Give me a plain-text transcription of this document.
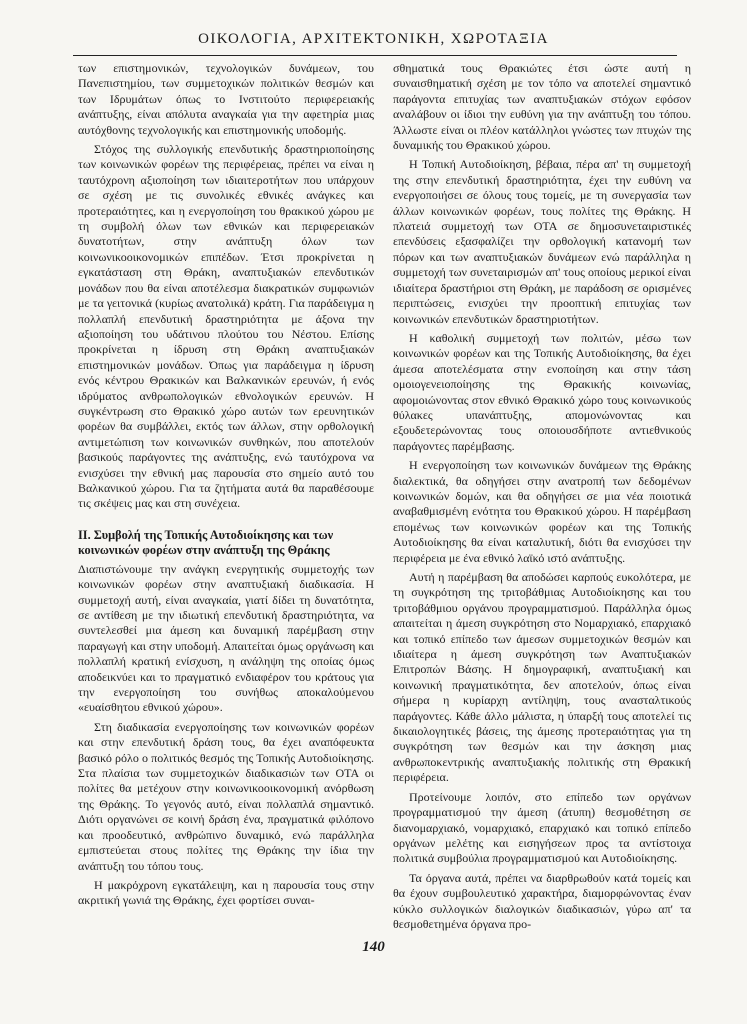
ΟΙΚΟΛΟΓΙΑ, ΑΡΧΙΤΕΚΤΟΝΙΚΗ, ΧΩΡΟΤΑΞΙΑ

των επιστημονικών, τεχνολογικών δυνάμεων, του Πανεπιστημίου, των συμμετοχικών πολιτικών θεσμών και των Ιδρυμάτων όπως το Ινστιτούτο περιφερειακής ανάπτυξης, είναι απόλυτα αναγκαία για την αφετηρία μιας αυτόχθονης τεχνολογικής και επιστημονικής υποδομής.

Στόχος της συλλογικής επενδυτικής δραστηριοποίησης των κοινωνικών φορέων της περιφέρειας, πρέπει να είναι η ταυτόχρονη αξιοποίηση των ιδιαιτεροτήτων που υπάρχουν σε σχέση με τις συνολικές εθνικές ανάγκες και προτεραιότητες, και η ενεργοποίηση του θρακικού χώρου με τη συμβολή όλων των εθνικών και περιφερειακών δυνατοτήτων, στην ανάπτυξη όλων των κοινωνικοοικονομικών επιπέδων. Έτσι προκρίνεται η εγκατάσταση στη Θράκη, αναπτυξιακών επενδυτικών μονάδων που θα είναι αποτέλεσμα διακρατικών συμφωνιών με τα γειτονικά (κυρίως ανατολικά) κράτη. Για παράδειγμα η πολλαπλή επενδυτική δραστηριότητα με άξονα την αξιοποίηση του υδάτινου πλούτου του Νέστου. Επίσης προκρίνεται η ίδρυση στη Θράκη αναπτυξιακών επιστημονικών μονάδων. Όπως για παράδειγμα η ίδρυση ενός κέντρου Θρακικών και Βαλκανικών ερευνών, ή ενός ιδρύματος ανθρωπολογικών εθνολογικών ερευνών. Η συγκέντρωση στο Θρακικό χώρο αυτών των ερευνητικών φορέων θα συμβάλλει, εκτός των άλλων, στην ορθολογική αντιμετώπιση των κοινωνικών συνθηκών, που αποτελούν βασικούς παράγοντες της ανάπτυξης, ενώ ταυτόχρονα να ενισχύσει την εθνική μας παρουσία στο σημείο αυτό του Βαλκανικού χώρου. Για τα ζητήματα αυτά θα παραθέσουμε τις σκέψεις μας και στη συνέχεια.

ΙΙ. Συμβολή της Τοπικής Αυτοδιοίκησης και των κοινωνικών φορέων στην ανάπτυξη της Θράκης

Διαπιστώνουμε την ανάγκη ενεργητικής συμμετοχής των κοινωνικών φορέων στην αναπτυξιακή διαδικασία. Η συμμετοχή αυτή, είναι αναγκαία, γιατί δίδει τη δυνατότητα, σε αντίθεση με την ιδιωτική επενδυτική δραστηριότητα, να συντελεσθεί μια άμεση και δυναμική παρέμβαση στην παραγωγή και στην υποδομή. Απαιτείται όμως οργάνωση και πολλαπλή κρατική ενίσχυση, η ανάληψη της οποίας όμως αποδεικνύει και το πραγματικό ενδιαφέρον του κράτους για την ενεργοποίηση του συνήθως αποκαλούμενου «ευαίσθητου εθνικού χώρου».

Στη διαδικασία ενεργοποίησης των κοινωνικών φορέων και στην επενδυτική δράση τους, θα έχει αναπόφευκτα βασικό ρόλο ο πολιτικός θεσμός της Τοπικής Αυτοδιοίκησης. Στα πλαίσια των συμμετοχικών διαδικασιών των ΟΤΑ οι πολίτες θα μετέχουν στην κοινωνικοοικονομική ανόρθωση της Θράκης. Το γεγονός αυτό, είναι πολλαπλά σημαντικό. Διότι οργανώνει σε κοινή δράση ένα, πραγματικά φιλόπονο και προοδευτικό, ανθρώπινο δυναμικό, ενώ παράλληλα εμπιστεύεται στους πολίτες της Θράκης την ίδια την ανάπτυξη του τόπου τους.

Η μακρόχρονη εγκατάλειψη, και η παρουσία τους στην ακριτική γωνιά της Θράκης, έχει φορτίσει συναι-

σθηματικά τους Θρακιώτες έτσι ώστε αυτή η συναισθηματική σχέση με τον τόπο να αποτελεί σημαντικό παράγοντα επιτυχίας των αναπτυξιακών στόχων εφόσον αναλάβουν οι ίδιοι την ευθύνη για την ανάπτυξη του τόπου. Άλλωστε είναι οι πλέον κατάλληλοι γνώστες των πτυχών της δυναμικής του Θρακικού χώρου.

Η Τοπική Αυτοδιοίκηση, βέβαια, πέρα απ' τη συμμετοχή της στην επενδυτική δραστηριότητα, έχει την ευθύνη να ενεργοποιήσει σε όλους τους τομείς, με τη συνεργασία των άλλων κοινωνικών φορέων, τους πολίτες της Θράκης. Η πλατειά συμμετοχή των ΟΤΑ σε δημοσυνεταιριστικές επενδύσεις εξασφαλίζει την ορθολογική κατανομή των πόρων και των αναπτυξιακών δυνάμεων ενώ παράλληλα η συμμετοχή των συνεταιρισμών απ' τους οποίους μερικοί είναι ιδιαίτερα δραστήριοι στη Θράκη, με παράδοση σε ορισμένες περιπτώσεις, ενισχύει την προοπτική επιτυχίας των κοινωνικών επενδυτικών δραστηριοτήτων.

Η καθολική συμμετοχή των πολιτών, μέσω των κοινωνικών φορέων και της Τοπικής Αυτοδιοίκησης, θα έχει άμεσα αποτελέσματα στην ενοποίηση και στην τάση ομοιογενειοποίησης της Θρακικής κοινωνίας, αφομοιώνοντας στον εθνικό Θρακικό χώρο τους κοινωνικούς θύλακες υπανάπτυξης, απομονώνοντας και εξουδετερώνοντας τους οποιουσδήποτε αντιεθνικούς παράγοντες παρέμβασης.

Η ενεργοποίηση των κοινωνικών δυνάμεων της Θράκης διαλεκτικά, θα οδηγήσει στην ανατροπή των δεδομένων κοινωνικών δομών, και θα οδηγήσει σε μια νέα ποιοτικά αναβαθμισμένη ενότητα του Θρακικού χώρου. Η παρέμβαση επομένως των κοινωνικών φορέων και της Τοπικής Αυτοδιοίκησης θα είναι καταλυτική, διότι θα ενισχύσει την περιφέρεια με ένα εθνικό λαϊκό ιστό ανάπτυξης.

Αυτή η παρέμβαση θα αποδώσει καρπούς ευκολότερα, με τη συγκρότηση της τριτοβάθμιας Αυτοδιοίκησης και του τριτοβάθμιου οργάνου προγραμματισμού. Παράλληλα όμως απαιτείται η άμεση συγκρότηση στο Νομαρχιακό, επαρχιακό και τοπικό επίπεδο των άμεσων συμμετοχικών θεσμών και ιδιαίτερα η άμεση συγκρότηση των Αναπτυξιακών Επιτροπών Βάσης. Η δημογραφική, αναπτυξιακή και κοινωνική πραγματικότητα, δεν αποτελούν, όπως είναι σήμερα η κυρίαρχη αντίληψη, τους ανασταλτικούς παράγοντες. Κάθε άλλο μάλιστα, η ύπαρξή τους αποτελεί τις δικαιολογητικές βάσεις, της άμεσης προτεραιότητας για τη συγκρότηση των θεσμών και την άσκηση μιας ανθρωποκεντρικής αναπτυξιακής πολιτικής στη Θρακική περιφέρεια.

Προτείνουμε λοιπόν, στο επίπεδο των οργάνων προγραμματισμού την άμεση (άτυπη) θεσμοθέτηση σε διανομαρχιακό, νομαρχιακό, επαρχιακό και τοπικό επίπεδο οργάνων μελέτης και εισηγήσεων προς τα αντίστοιχα πολιτικά συμβούλια προγραμματισμού και Αυτοδιοίκησης.

Τα όργανα αυτά, πρέπει να διαρθρωθούν κατά τομείς και θα έχουν συμβουλευτικό χαρακτήρα, διαμορφώνοντας έναν κύκλο συλλογικών διαλογικών διαδικασιών, γύρω απ' τα θεσμοθετημένα όργανα προ-

140
